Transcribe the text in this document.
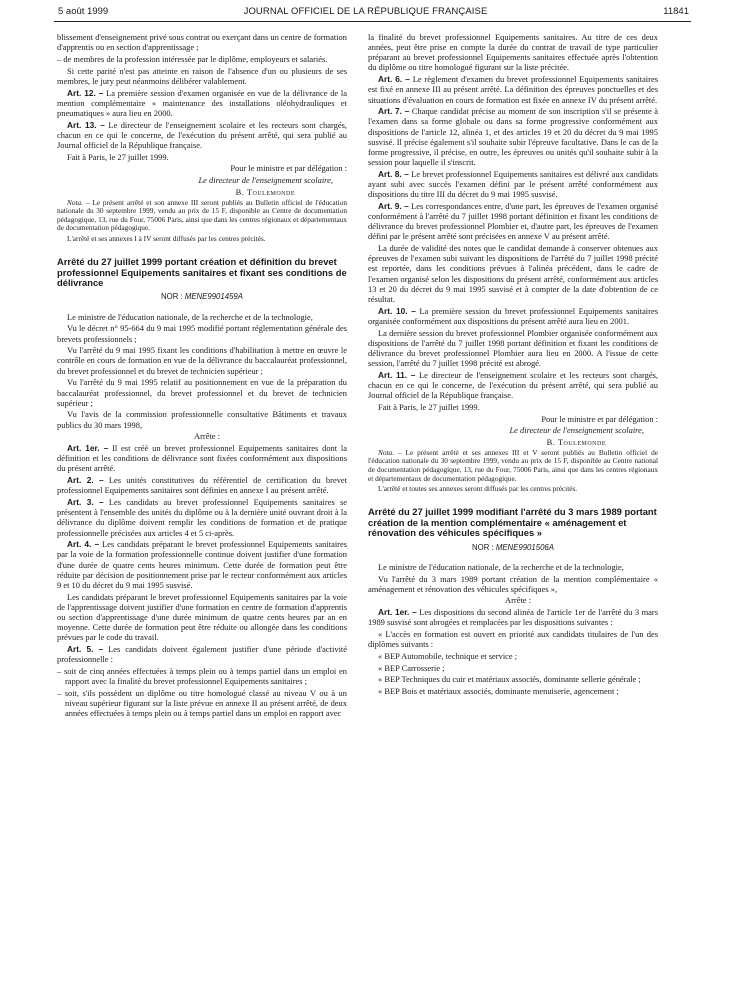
5 août 1999	JOURNAL OFFICIEL DE LA RÉPUBLIQUE FRANÇAISE	11841

blissement d'enseignement privé sous contrat ou exerçant dans un centre de formation d'apprentis ou en section d'apprentissage ;

– de membres de la profession intéressée par le diplôme, employeurs et salariés.

Si cette parité n'est pas atteinte en raison de l'absence d'un ou plusieurs de ses membres, le jury peut néanmoins délibérer valablement.

Art. 12. – La première session d'examen organisée en vue de la délivrance de la mention complémentaire « maintenance des installations oléohydrauliques et pneumatiques » aura lieu en 2000.

Art. 13. – Le directeur de l'enseignement scolaire et les recteurs sont chargés, chacun en ce qui le concerne, de l'exécution du présent arrêté, qui sera publié au Journal officiel de la République française.

Fait à Paris, le 27 juillet 1999.

Pour le ministre et par délégation :

Le directeur de l'enseignement scolaire,

B. Toulemonde

Nota. – Le présent arrêté et son annexe III seront publiés au Bulletin officiel de l'éducation nationale du 30 septembre 1999, vendu au prix de 15 F, disponible au Centre de documentation pédagogique, 13, rue du Four, 75006 Paris, ainsi que dans les centres régionaux et départementaux de documentation pédagogique.

L'arrêté et ses annexes I à IV seront diffusés par les centres précités.

Arrêté du 27 juillet 1999 portant création et définition du brevet professionnel Equipements sanitaires et fixant ses conditions de délivrance
NOR : MENE9901459A

Le ministre de l'éducation nationale, de la recherche et de la technologie,

Vu le décret n° 95-664 du 9 mai 1995 modifié portant réglementation générale des brevets professionnels ;

Vu l'arrêté du 9 mai 1995 fixant les conditions d'habilitation à mettre en œuvre le contrôle en cours de formation en vue de la délivrance du baccalauréat professionnel, du brevet professionnel et du brevet de technicien supérieur ;

Vu l'arrêté du 9 mai 1995 relatif au positionnement en vue de la préparation du baccalauréat professionnel, du brevet professionnel et du brevet de technicien supérieur ;

Vu l'avis de la commission professionnelle consultative Bâtiments et travaux publics du 30 mars 1998,

Arrête :

Art. 1er. – Il est créé un brevet professionnel Equipements sanitaires dont la définition et les conditions de délivrance sont fixées conformément aux dispositions du présent arrêté.

Art. 2. – Les unités constitutives du référentiel de certification du brevet professionnel Equipements sanitaires sont définies en annexe I au présent arrêté.

Art. 3. – Les candidats au brevet professionnel Equipements sanitaires se présentent à l'ensemble des unités du diplôme ou à la dernière unité ouvrant droit à la délivrance du diplôme doivent remplir les conditions de formation et de pratique professionnelle précisées aux articles 4 et 5 ci-après.

Art. 4. – Les candidats préparant le brevet professionnel Equipements sanitaires par la voie de la formation professionnelle continue doivent justifier d'une formation d'une durée de quatre cents heures minimum. Cette durée de formation peut être réduite par décision de positionnement prise par le recteur conformément aux articles 9 et 10 du décret du 9 mai 1995 susvisé.

Les candidats préparant le brevet professionnel Equipements sanitaires par la voie de l'apprentissage doivent justifier d'une formation en centre de formation d'apprentis ou section d'apprentissage d'une durée minimum de quatre cents heures par an en moyenne. Cette durée de formation peut être réduite ou allongée dans les conditions prévues par le code du travail.

Art. 5. – Les candidats doivent également justifier d'une période d'activité professionnelle :

– soit de cinq années effectuées à temps plein ou à temps partiel dans un emploi en rapport avec la finalité du brevet professionnel Equipements sanitaires ;

– soit, s'ils possèdent un diplôme ou titre homologué classé au niveau V ou à un niveau supérieur figurant sur la liste prévue en annexe II au présent arrêté, de deux années effectuées à temps plein ou à temps partiel dans un emploi en rapport avec

la finalité du brevet professionnel Equipements sanitaires. Au titre de ces deux années, peut être prise en compte la durée du contrat de travail de type particulier préparant au brevet professionnel Equipements sanitaires effectuée après l'obtention du diplôme ou titre homologué figurant sur la liste précitée.

Art. 6. – Le règlement d'examen du brevet professionnel Equipements sanitaires est fixé en annexe III au présent arrêté. La définition des épreuves ponctuelles et des situations d'évaluation en cours de formation est fixée en annexe IV du présent arrêté.

Art. 7. – Chaque candidat précise au moment de son inscription s'il se présente à l'examen dans sa forme globale ou dans sa forme progressive conformément aux dispositions de l'article 12, alinéa 1, et des articles 19 et 20 du décret du 9 mai 1995 susvisé. Il précise également s'il souhaite subir l'épreuve facultative. Dans le cas de la forme progressive, il précise, en outre, les épreuves ou unités qu'il souhaite subir à la session pour laquelle il s'inscrit.

Art. 8. – Le brevet professionnel Equipements sanitaires est délivré aux candidats ayant subi avec succès l'examen défini par le présent arrêté conformément aux dispositions du titre III du décret du 9 mai 1995 susvisé.

Art. 9. – Les correspondances entre, d'une part, les épreuves de l'examen organisé conformément à l'arrêté du 7 juillet 1998 portant définition et fixant les conditions de délivrance du brevet professionnel Plombier et, d'autre part, les épreuves de l'examen défini par le présent arrêté sont précisées en annexe V au présent arrêté.

La durée de validité des notes que le candidat demande à conserver obtenues aux épreuves de l'examen subi suivant les dispositions de l'arrêté du 7 juillet 1998 précité est reportée, dans les conditions prévues à l'alinéa précédent, dans le cadre de l'examen organisé selon les dispositions du présent arrêté, conformément aux articles 13 et 20 du décret du 9 mai 1995 susvisé et à compter de la date d'obtention de ce résultat.

Art. 10. – La première session du brevet professionnel Equipements sanitaires organisée conformément aux dispositions du présent arrêté aura lieu en 2001.

La dernière session du brevet professionnel Plombier organisée conformément aux dispositions de l'arrêté du 7 juillet 1998 portant définition et fixant les conditions de délivrance du brevet professionnel Plombier aura lieu en 2000. A l'issue de cette session, l'arrêté du 7 juillet 1998 précité est abrogé.

Art. 11. – Le directeur de l'enseignement scolaire et les recteurs sont chargés, chacun en ce qui le concerne, de l'exécution du présent arrêté, qui sera publié au Journal officiel de la République française.

Fait à Paris, le 27 juillet 1999.

Pour le ministre et par délégation :

Le directeur de l'enseignement scolaire,

B. Toulemonde

Nota. – Le présent arrêté et ses annexes III et V seront publiés au Bulletin officiel de l'éducation nationale du 30 septembre 1999, vendu au prix de 15 F, disponible au Centre national de documentation pédagogique, 13, rue du Four, 75006 Paris, ainsi que dans les centres régionaux et départementaux de documentation pédagogique.

L'arrêté et toutes ses annexes seront diffusés par les centres précités.

Arrêté du 27 juillet 1999 modifiant l'arrêté du 3 mars 1989 portant création de la mention complémentaire « aménagement et rénovation des véhicules spécifiques »
NOR : MENE9901506A

Le ministre de l'éducation nationale, de la recherche et de la technologie,

Vu l'arrêté du 3 mars 1989 portant création de la mention complémentaire « aménagement et rénovation des véhicules spécifiques »,

Arrête :

Art. 1er. – Les dispositions du second alinéa de l'article 1er de l'arrêté du 3 mars 1989 susvisé sont abrogées et remplacées par les dispositions suivantes :

« L'accès en formation est ouvert en priorité aux candidats titulaires de l'un des diplômes suivants :

« BEP Automobile, technique et service ;

« BEP Carrosserie ;

« BEP Techniques du cuir et matériaux associés, dominante sellerie générale ;

« BEP Bois et matériaux associés, dominante menuiserie, agencement ;
